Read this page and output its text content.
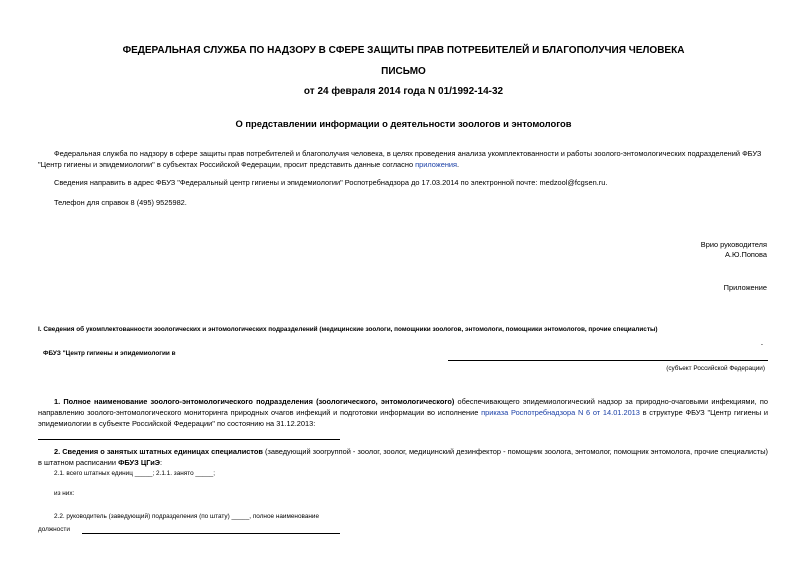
ФЕДЕРАЛЬНАЯ СЛУЖБА ПО НАДЗОРУ В СФЕРЕ ЗАЩИТЫ ПРАВ ПОТРЕБИТЕЛЕЙ И БЛАГОПОЛУЧИЯ ЧЕЛОВЕКА
ПИСЬМО
от 24 февраля 2014 года N 01/1992-14-32
О представлении информации о деятельности зоологов и энтомологов
Федеральная служба по надзору в сфере защиты прав потребителей и благополучия человека, в целях проведения анализа укомплектованности и работы зоолого-энтомологических подразделений ФБУЗ "Центр гигиены и эпидемиологии" в субъектах Российской Федерации, просит представить данные согласно приложения.
Сведения направить в адрес ФБУЗ "Федеральный центр гигиены и эпидемиологии" Роспотребнадзора до 17.03.2014 по электронной почте: medzool@fcgsen.ru.
Телефон для справок 8 (495) 9525982.
Врио руководителя
А.Ю.Попова
Приложение
I. Сведения об укомплектованности зоологических и энтомологических подразделений (медицинские зоологи, помощники зоологов, энтомологи, помощники энтомологов, прочие специалисты)
-
ФБУЗ "Центр гигиены и эпидемиологии в
(субъект Российской Федерации)
1. Полное наименование зоолого-энтомологического подразделения (зоологического, энтомологического) обеспечивающего эпидемиологический надзор за природно-очаговыми инфекциями, по направлению зоолого-энтомологического мониторинга природных очагов инфекций и подготовки информации во исполнение приказа Роспотребнадзора N 6 от 14.01.2013 в структуре ФБУЗ "Центр гигиены и эпидемиологии в субъекте Российской Федерации" по состоянию на 31.12.2013:
2. Сведения о занятых штатных единицах специалистов (заведующий зоогруппой - зоолог, зоолог, медицинский дезинфектор - помощник зоолога, энтомолог, помощник энтомолога, прочие специалисты) в штатном расписании ФБУЗ ЦГиЭ:
2.1. всего штатных единиц _____; 2.1.1. занято _____;
из них:
2.2. руководитель (заведующий) подразделения (по штату) _____, полное наименование
должности
